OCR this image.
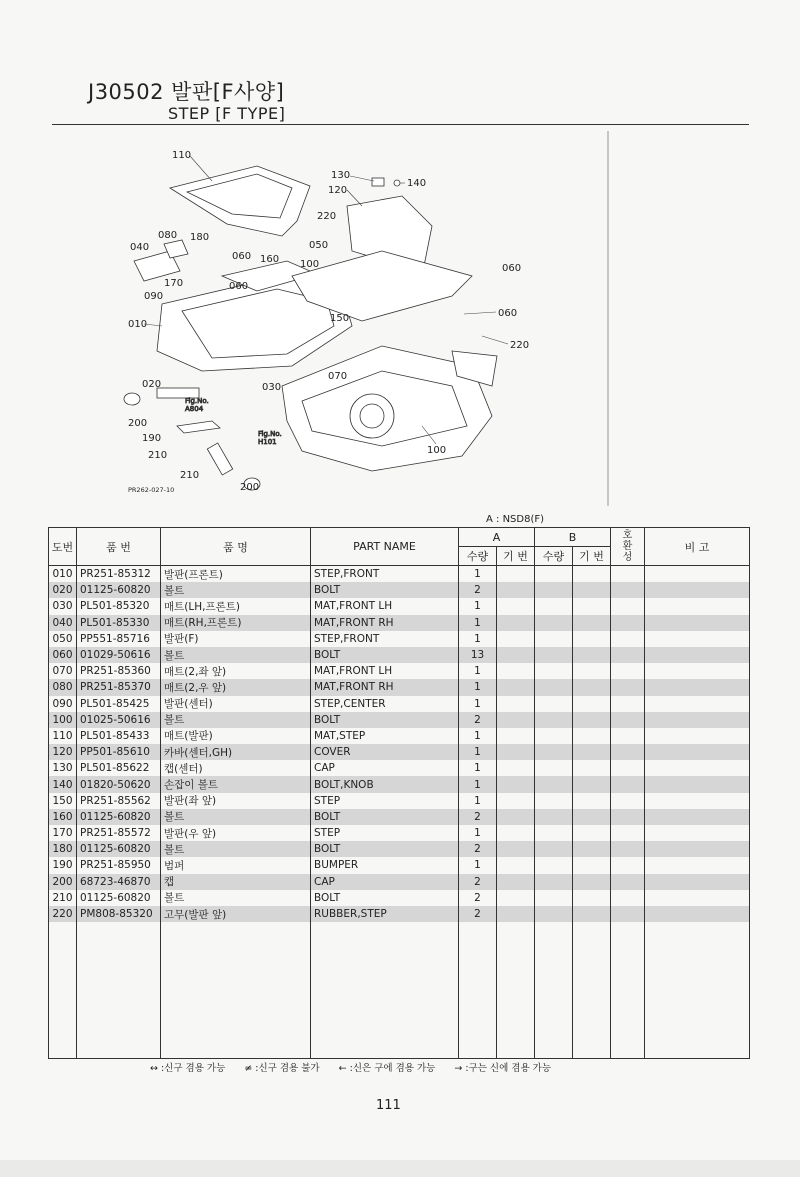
J30502 발판[F사양]
STEP [F TYPE]
Fig.No.
A804
Fig.No.
H101
110
130
140
120
220
050
080 180
040
060 160 100
170	060
090
150
010
060
060
220
070
020	030
200
190
210
210
200
100
PR262-027-10
A : NSD8(F)
도번	품 번	품 명	PART NAME	A		B		호
환
성	비 고
				수량	기 번	수량	기 번		
010	PR251-85312	발판(프론트)	STEP,FRONT	1					
020	01125-60820	볼트	BOLT	2					
030	PL501-85320	매트(LH,프론트)	MAT,FRONT LH	1					
040	PL501-85330	매트(RH,프론트)	MAT,FRONT RH	1					
050	PP551-85716	발판(F)	STEP,FRONT	1					
060	01029-50616	볼트	BOLT	13					
070	PR251-85360	매트(2,좌 앞)	MAT,FRONT LH	1					
080	PR251-85370	매트(2,우 앞)	MAT,FRONT RH	1					
090	PL501-85425	발판(센터)	STEP,CENTER	1					
100	01025-50616	볼트	BOLT	2					
110	PL501-85433	매트(발판)	MAT,STEP	1					
120	PP501-85610	카바(센터,GH)	COVER	1					
130	PL501-85622	캡(센터)	CAP	1					
140	01820-50620	손잡이 볼트	BOLT,KNOB	1					
150	PR251-85562	발판(좌 앞)	STEP	1					
160	01125-60820	볼트	BOLT	2					
170	PR251-85572	발판(우 앞)	STEP	1					
180	01125-60820	볼트	BOLT	2					
190	PR251-85950	범퍼	BUMPER	1					
200	68723-46870	캡	CAP	2					
210	01125-60820	볼트	BOLT	2					
220	PM808-85320	고무(발판 앞)	RUBBER,STEP	2					

↔ :신구 겸용 가능 ≠ :신구 겸용 불가 ← :신은 구에 겸용 가능 → :구는 신에 겸용 가능
111
